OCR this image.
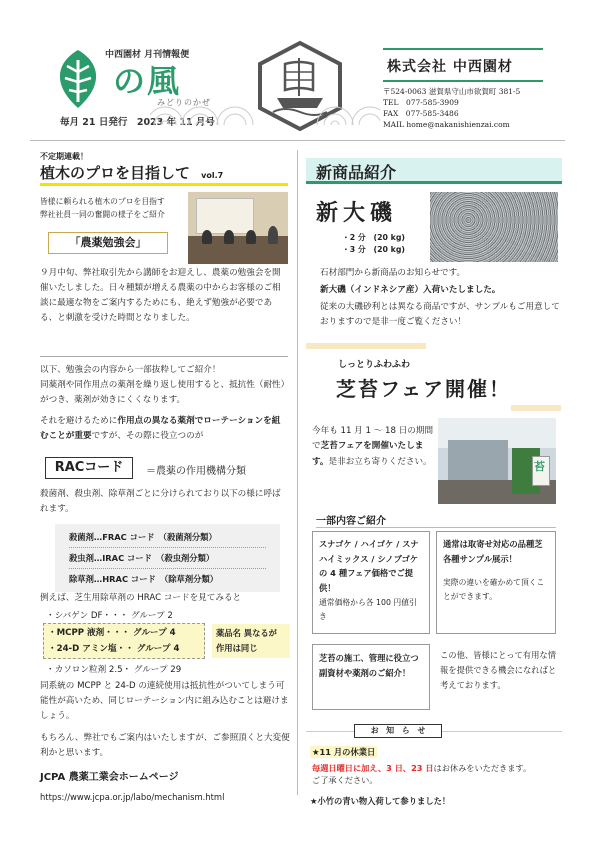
中西園材 月刊情報便
の風
みどりのかぜ
毎月 21 日発行　2023 年 11 月号
株式会社 中西園材
〒524-0063 滋賀県守山市欲賀町 381-5
TEL　077-585-3909
FAX　077-585-3486
MAIL home@nakanishienzai.com
不定期連載！
植木のプロを目指して vol.7
皆様に頼られる植木のプロを目指す
弊社社員一同の奮闘の様子をご紹介
「農薬勉強会」
９月中旬、弊社取引先から講師をお迎えし、農薬の勉強会を開催いたしました。日々種類が増える農薬の中からお客様のご相談に最適な物をご案内するためにも、絶えず勉強が必要である、と刺激を受けた時間となりました。
以下、勉強会の内容から一部抜粋してご紹介！
同薬剤や同作用点の薬剤を繰り返し使用すると、抵抗性（耐性）がつき、薬剤が効きにくくなります。
それを避けるために作用点の異なる薬剤でローテーションを組むことが重要ですが、その際に役立つのが
RACコード	＝農薬の作用機構分類
殺菌剤、殺虫剤、除草剤ごとに分けられており以下の様に呼ばれます。
殺菌剤…FRAC コード　（殺菌剤分類）
殺虫剤…IRAC コード　（殺虫剤分類）
除草剤…HRAC コード　（除草剤分類）
例えば、芝生用除草剤の HRAC コードを見てみると
・シバゲン DF・・・ グループ 2
・MCPP 液剤・・・ グループ 4
・24-D アミン塩・・ グループ 4
薬品名 異なるが
作用は同じ
・カソロン粒剤 2.5・ グループ 29
同系統の MCPP と 24-D の連続使用は抵抗性がついてしまう可能性が高いため、同じローテーション内に組み込むことは避けましょう。
もちろん、弊社でもご案内はいたしますが、ご参照頂くと大変便利かと思います。
JCPA 農薬工業会ホームページ
https://www.jcpa.or.jp/labo/mechanism.html
新商品紹介
新大磯
・2 分　(20 kg)
・3 分　(20 kg)
石材部門から新商品のお知らせです。
新大磯（インドネシア産）入荷いたしました。
従来の大磯砂利とは異なる商品ですが、サンプルもご用意しておりますので是非一度ご覧ください！
しっとりふわふわ
芝苔フェア開催！
今年も 11 月 1 〜 18 日の期間で芝苔フェアを開催いたします。是非お立ち寄りください。	苔
一部内容ご紹介
スナゴケ / ハイゴケ / スナハイミックス / シノブゴケ の 4 種フェア価格でご提供！
通常価格から各 100 円値引き
通常は取寄せ対応の品種芝各種サンプル展示！
実際の違いを確かめて頂くことができます。
芝苔の施工、管理に役立つ副資材や薬剤のご紹介！
この他、皆様にとって有用な情報を提供できる機会になればと考えております。
お　知　ら　せ
★11 月の休業日
毎週日曜日に加え、3 日、23 日はお休みをいただきます。
ご了承ください。
★小竹の青い物入荷して参りました！
